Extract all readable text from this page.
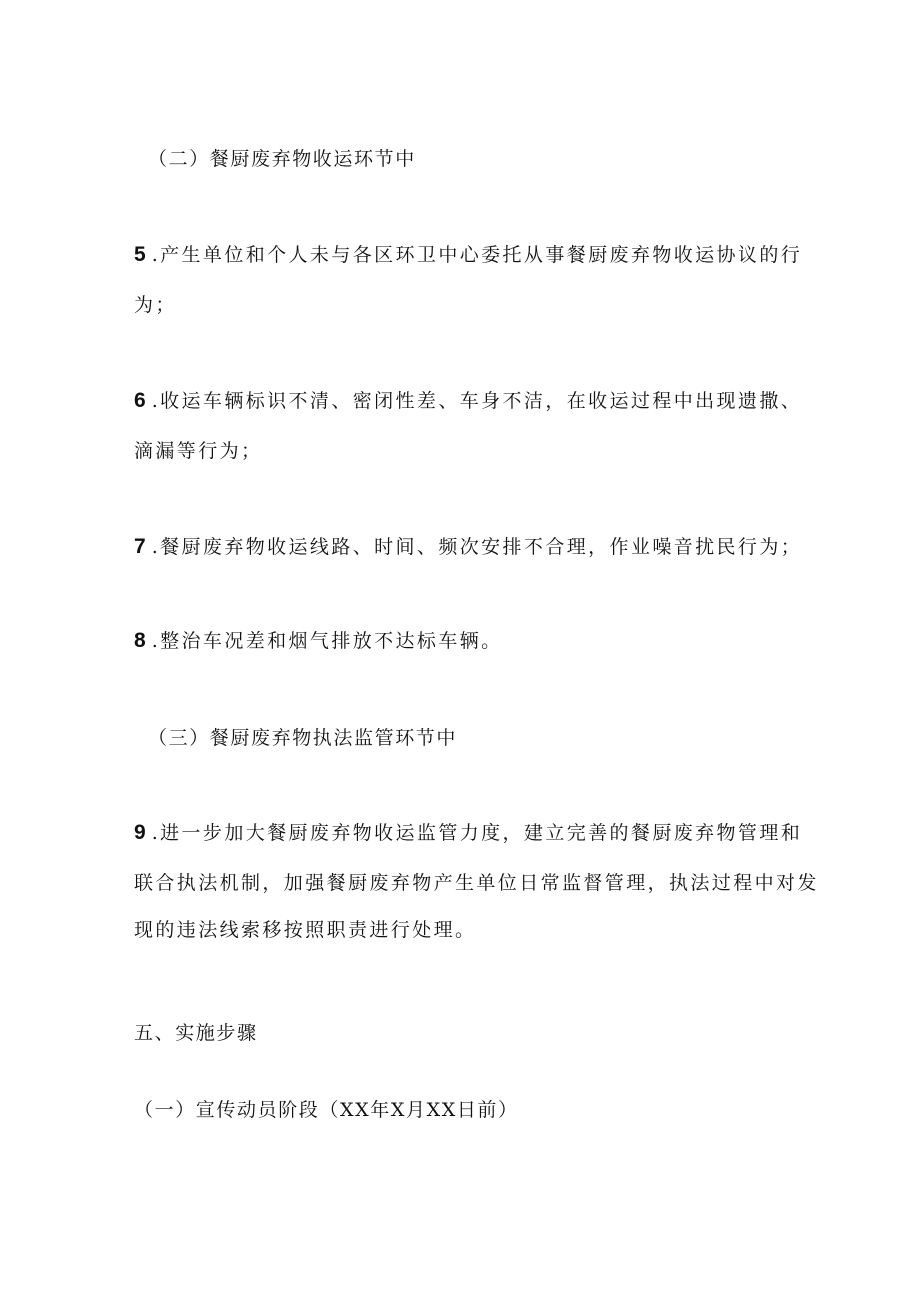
（二）餐厨废弃物收运环节中
5 .产生单位和个人未与各区环卫中心委托从事餐厨废弃物收运协议的行
为；
6 .收运车辆标识不清、密闭性差、车身不洁，在收运过程中出现遗撒、
滴漏等行为；
7 .餐厨废弃物收运线路、时间、频次安排不合理，作业噪音扰民行为；
8 .整治车况差和烟气排放不达标车辆。
（三）餐厨废弃物执法监管环节中
9 .进一步加大餐厨废弃物收运监管力度，建立完善的餐厨废弃物管理和
联合执法机制，加强餐厨废弃物产生单位日常监督管理，执法过程中对发
现的违法线索移按照职责进行处理。
五、实施步骤
（一）宣传动员阶段（XX年X月XX日前）
